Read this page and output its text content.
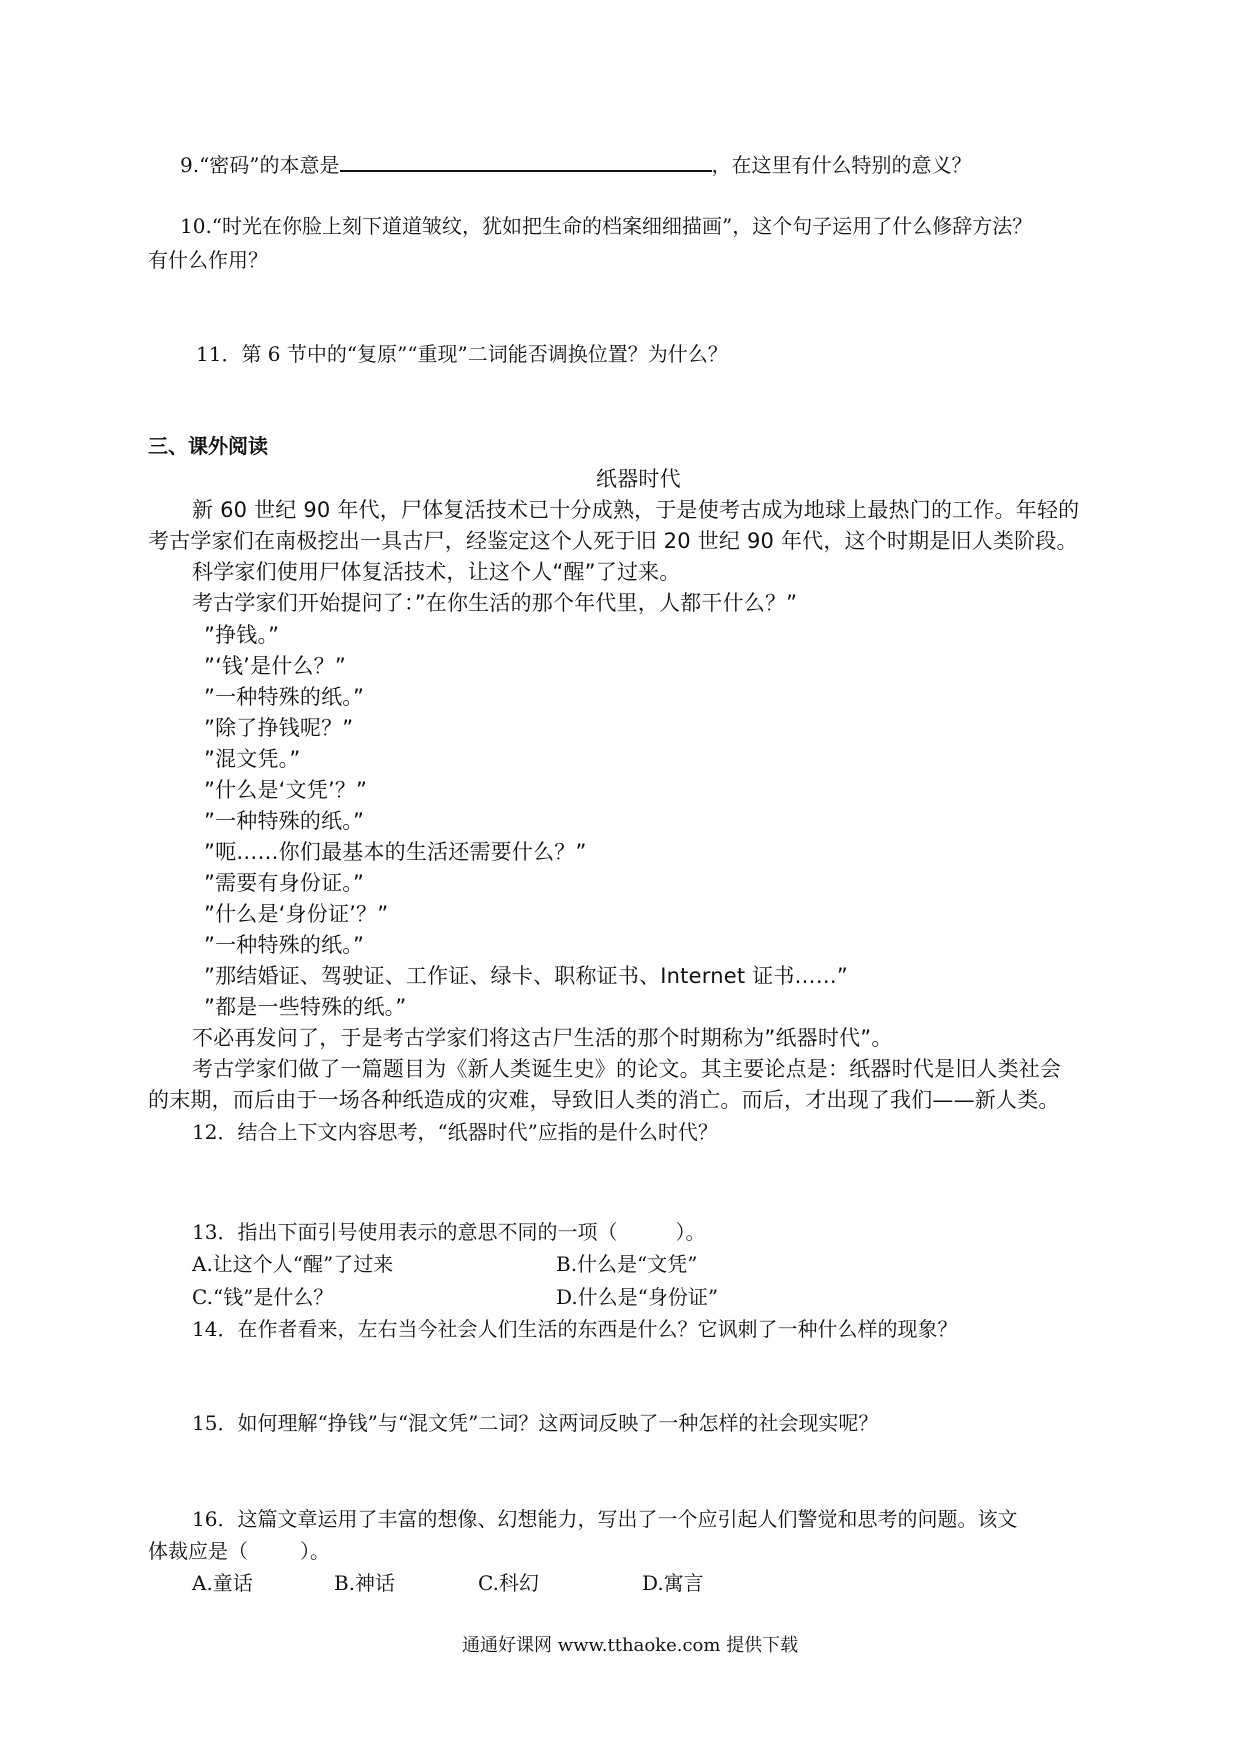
9.“密码”的本意是	，在这里有什么特别的意义？
10.“时光在你脸上刻下道道皱纹，犹如把生命的档案细细描画”，这个句子运用了什么修辞方法？
有什么作用？
11．第 6 节中的“复原”“重现”二词能否调换位置？为什么？
三、课外阅读
纸器时代
新 60 世纪 90 年代，尸体复活技术已十分成熟，于是使考古成为地球上最热门的工作。年轻的
考古学家们在南极挖出一具古尸，经鉴定这个人死于旧 20 世纪 90 年代，这个时期是旧人类阶段。
科学家们使用尸体复活技术，让这个人“醒”了过来。
考古学家们开始提问了：”在你生活的那个年代里，人都干什么？”
”挣钱。”
”‘钱’是什么？”
”一种特殊的纸。”
”除了挣钱呢？”
”混文凭。”
”什么是‘文凭’？”
”一种特殊的纸。”
”呃……你们最基本的生活还需要什么？”
”需要有身份证。”
”什么是‘身份证’？”
”一种特殊的纸。”
”那结婚证、驾驶证、工作证、绿卡、职称证书、Internet 证书……”
”都是一些特殊的纸。”
不必再发问了，于是考古学家们将这古尸生活的那个时期称为”纸器时代”。
考古学家们做了一篇题目为《新人类诞生史》的论文。其主要论点是：纸器时代是旧人类社会
的末期，而后由于一场各种纸造成的灾难，导致旧人类的消亡。而后，才出现了我们——新人类。
12．结合上下文内容思考，“纸器时代”应指的是什么时代？
13．指出下面引号使用表示的意思不同的一项（	）。
A.让这个人“醒”了过来	B.什么是“文凭”
C.“钱”是什么？	D.什么是“身份证”
14．在作者看来，左右当今社会人们生活的东西是什么？它讽刺了一种什么样的现象？
15．如何理解“挣钱”与“混文凭”二词？这两词反映了一种怎样的社会现实呢？
16．这篇文章运用了丰富的想像、幻想能力，写出了一个应引起人们警觉和思考的问题。该文
体裁应是（	）。
A.童话	B.神话	C.科幻	D.寓言
通通好课网 www.tthaoke.com 提供下载
